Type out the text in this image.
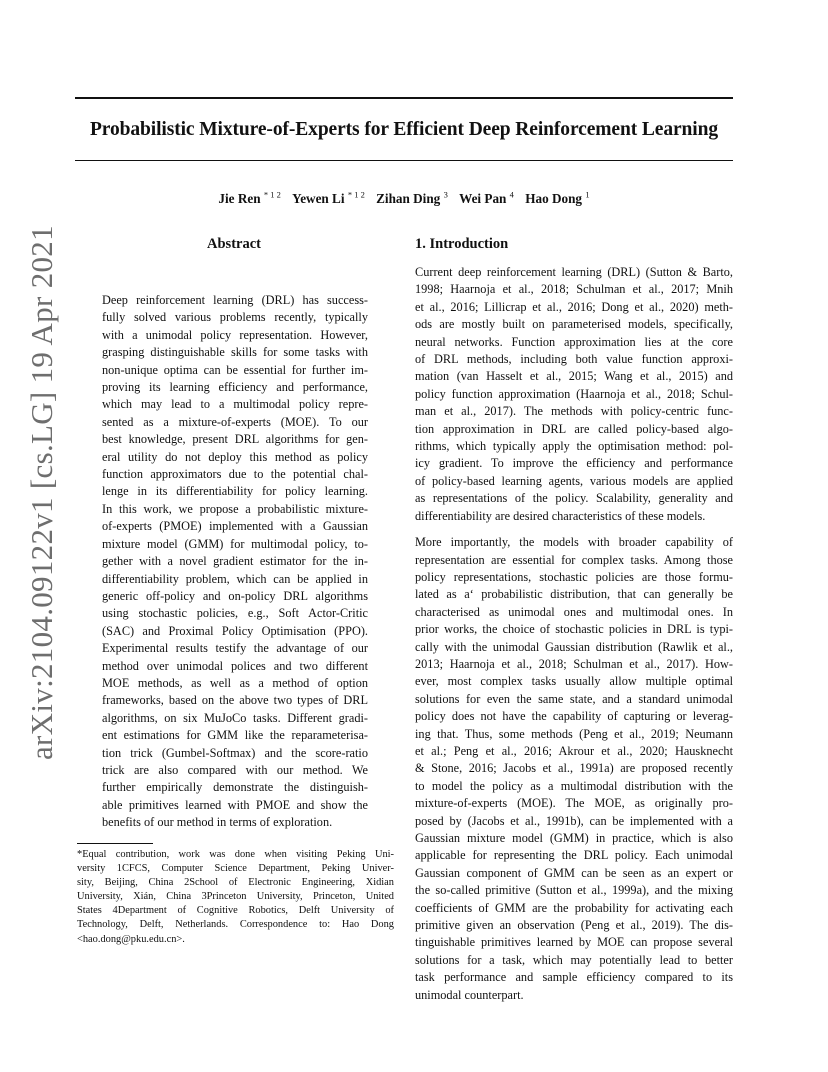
arXiv:2104.09122v1 [cs.LG] 19 Apr 2021
Probabilistic Mixture-of-Experts for Efficient Deep Reinforcement Learning
Jie Ren $^{* 1 2}$ Yewen Li $^{* 1 2}$ Zihan Ding $^3$ Wei Pan $^4$ Hao Dong $^1$
Abstract
Deep reinforcement learning (DRL) has success-
fully solved various problems recently, typically
with a unimodal policy representation. However,
grasping distinguishable skills for some tasks with
non-unique optima can be essential for further im-
proving its learning efficiency and performance,
which may lead to a multimodal policy repre-
sented as a mixture-of-experts (MOE). To our
best knowledge, present DRL algorithms for gen-
eral utility do not deploy this method as policy
function approximators due to the potential chal-
lenge in its differentiability for policy learning.
In this work, we propose a probabilistic mixture-
of-experts (PMOE) implemented with a Gaussian
mixture model (GMM) for multimodal policy, to-
gether with a novel gradient estimator for the in-
differentiability problem, which can be applied in
generic off-policy and on-policy DRL algorithms
using stochastic policies, e.g., Soft Actor-Critic
(SAC) and Proximal Policy Optimisation (PPO).
Experimental results testify the advantage of our
method over unimodal polices and two different
MOE methods, as well as a method of option
frameworks, based on the above two types of DRL
algorithms, on six MuJoCo tasks. Different gradi-
ent estimations for GMM like the reparameterisa-
tion trick (Gumbel-Softmax) and the score-ratio
trick are also compared with our method. We
further empirically demonstrate the distinguish-
able primitives learned with PMOE and show the
benefits of our method in terms of exploration.
*Equal contribution, work was done when visiting Peking Uni-
versity 1CFCS, Computer Science Department, Peking Univer-
sity, Beijing, China 2School of Electronic Engineering, Xidian
University, Xián, China 3Princeton University, Princeton, United
States 4Department of Cognitive Robotics, Delft University of
Technology, Delft, Netherlands. Correspondence to: Hao Dong
<hao.dong@pku.edu.cn>.
1. Introduction
Current deep reinforcement learning (DRL) (Sutton & Barto,
1998; Haarnoja et al., 2018; Schulman et al., 2017; Mnih
et al., 2016; Lillicrap et al., 2016; Dong et al., 2020) meth-
ods are mostly built on parameterised models, specifically,
neural networks. Function approximation lies at the core
of DRL methods, including both value function approxi-
mation (van Hasselt et al., 2015; Wang et al., 2015) and
policy function approximation (Haarnoja et al., 2018; Schul-
man et al., 2017). The methods with policy-centric func-
tion approximation in DRL are called policy-based algo-
rithms, which typically apply the optimisation method: pol-
icy gradient. To improve the efficiency and performance
of policy-based learning agents, various models are applied
as representations of the policy. Scalability, generality and
differentiability are desired characteristics of these models.
More importantly, the models with broader capability of
representation are essential for complex tasks. Among those
policy representations, stochastic policies are those formu-
lated as a‘ probabilistic distribution, that can generally be
characterised as unimodal ones and multimodal ones. In
prior works, the choice of stochastic policies in DRL is typi-
cally with the unimodal Gaussian distribution (Rawlik et al.,
2013; Haarnoja et al., 2018; Schulman et al., 2017). How-
ever, most complex tasks usually allow multiple optimal
solutions for even the same state, and a standard unimodal
policy does not have the capability of capturing or leverag-
ing that. Thus, some methods (Peng et al., 2019; Neumann
et al.; Peng et al., 2016; Akrour et al., 2020; Hausknecht
& Stone, 2016; Jacobs et al., 1991a) are proposed recently
to model the policy as a multimodal distribution with the
mixture-of-experts (MOE). The MOE, as originally pro-
posed by (Jacobs et al., 1991b), can be implemented with a
Gaussian mixture model (GMM) in practice, which is also
applicable for representing the DRL policy. Each unimodal
Gaussian component of GMM can be seen as an expert or
the so-called primitive (Sutton et al., 1999a), and the mixing
coefficients of GMM are the probability for activating each
primitive given an observation (Peng et al., 2019). The dis-
tinguishable primitives learned by MOE can propose several
solutions for a task, which may potentially lead to better
task performance and sample efficiency compared to its
unimodal counterpart.
